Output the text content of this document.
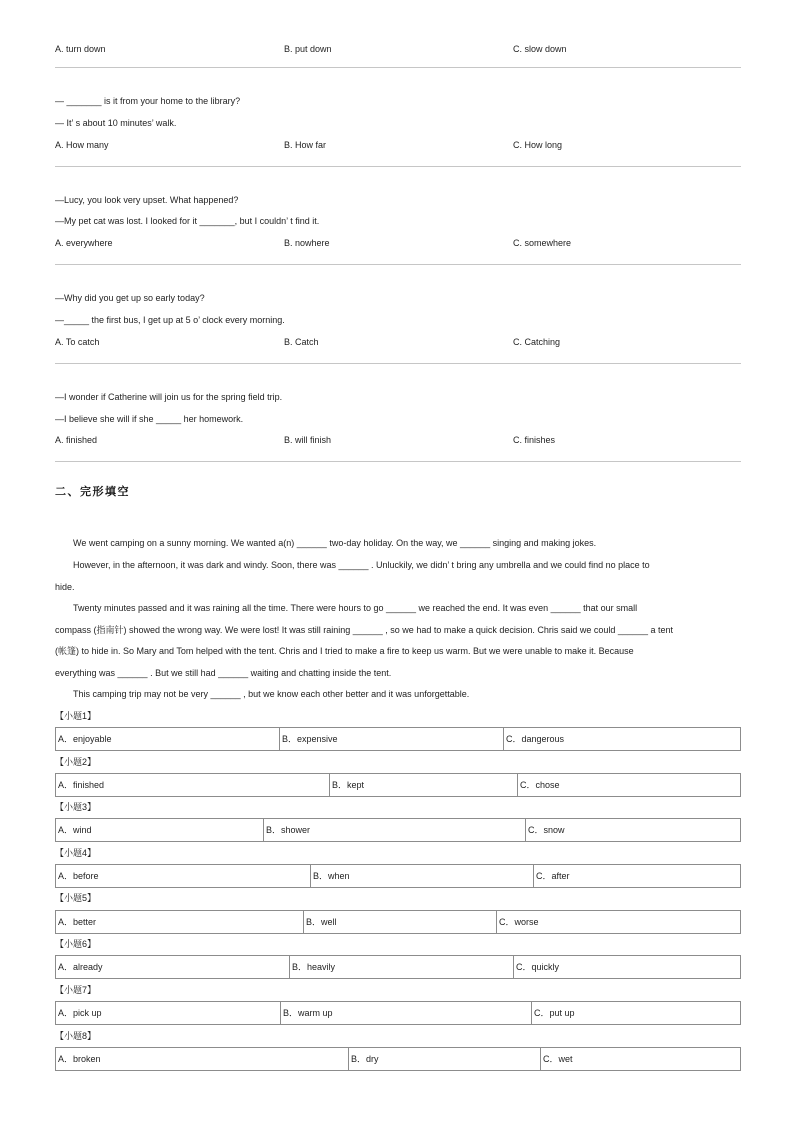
A. turn down	B. put down	C. slow down
— _______ is it from your home to the library?
— It’ s about 10 minutes’ walk.
A. How many	B. How far	C. How long
—Lucy, you look very upset. What happened?
—My pet cat was lost. I looked for it _______, but I couldn’ t find it.
A. everywhere	B. nowhere	C. somewhere
—Why did you get up so early today?
—_____ the first bus, I get up at 5 o’ clock every morning.
A. To catch	B. Catch	C. Catching
—I wonder if Catherine will join us for the spring field trip.
—I believe she will if she _____ her homework.
A. finished	B. will finish	C. finishes
二、完形填空
We went camping on a sunny morning. We wanted a(n) ______ two-day holiday. On the way, we ______ singing and making jokes.
However, in the afternoon, it was dark and windy. Soon, there was ______ . Unluckily, we didn’ t bring any umbrella and we could find no place to
hide.
Twenty minutes passed and it was raining all the time. There were hours to go ______ we reached the end. It was even ______ that our small
compass (指南针) showed the wrong way. We were lost! It was still raining ______ , so we had to make a quick decision. Chris said we could ______ a tent
(帐篷) to hide in. So Mary and Tom helped with the tent. Chris and I tried to make a fire to keep us warm. But we were unable to make it. Because
everything was ______ . But we still had ______ waiting and chatting inside the tent.
This camping trip may not be very ______ , but we know each other better and it was unforgettable.
【小题1】
A．enjoyable	B．expensive	C．dangerous
【小题2】
A．finished	B．kept	C．chose
【小题3】
A．wind	B．shower	C．snow
【小题4】
A．before	B．when	C．after
【小题5】
A．better	B．well	C．worse
【小题6】
A．already	B．heavily	C．quickly
【小题7】
A．pick up	B．warm up	C．put up
【小题8】
A．broken	B．dry	C．wet
